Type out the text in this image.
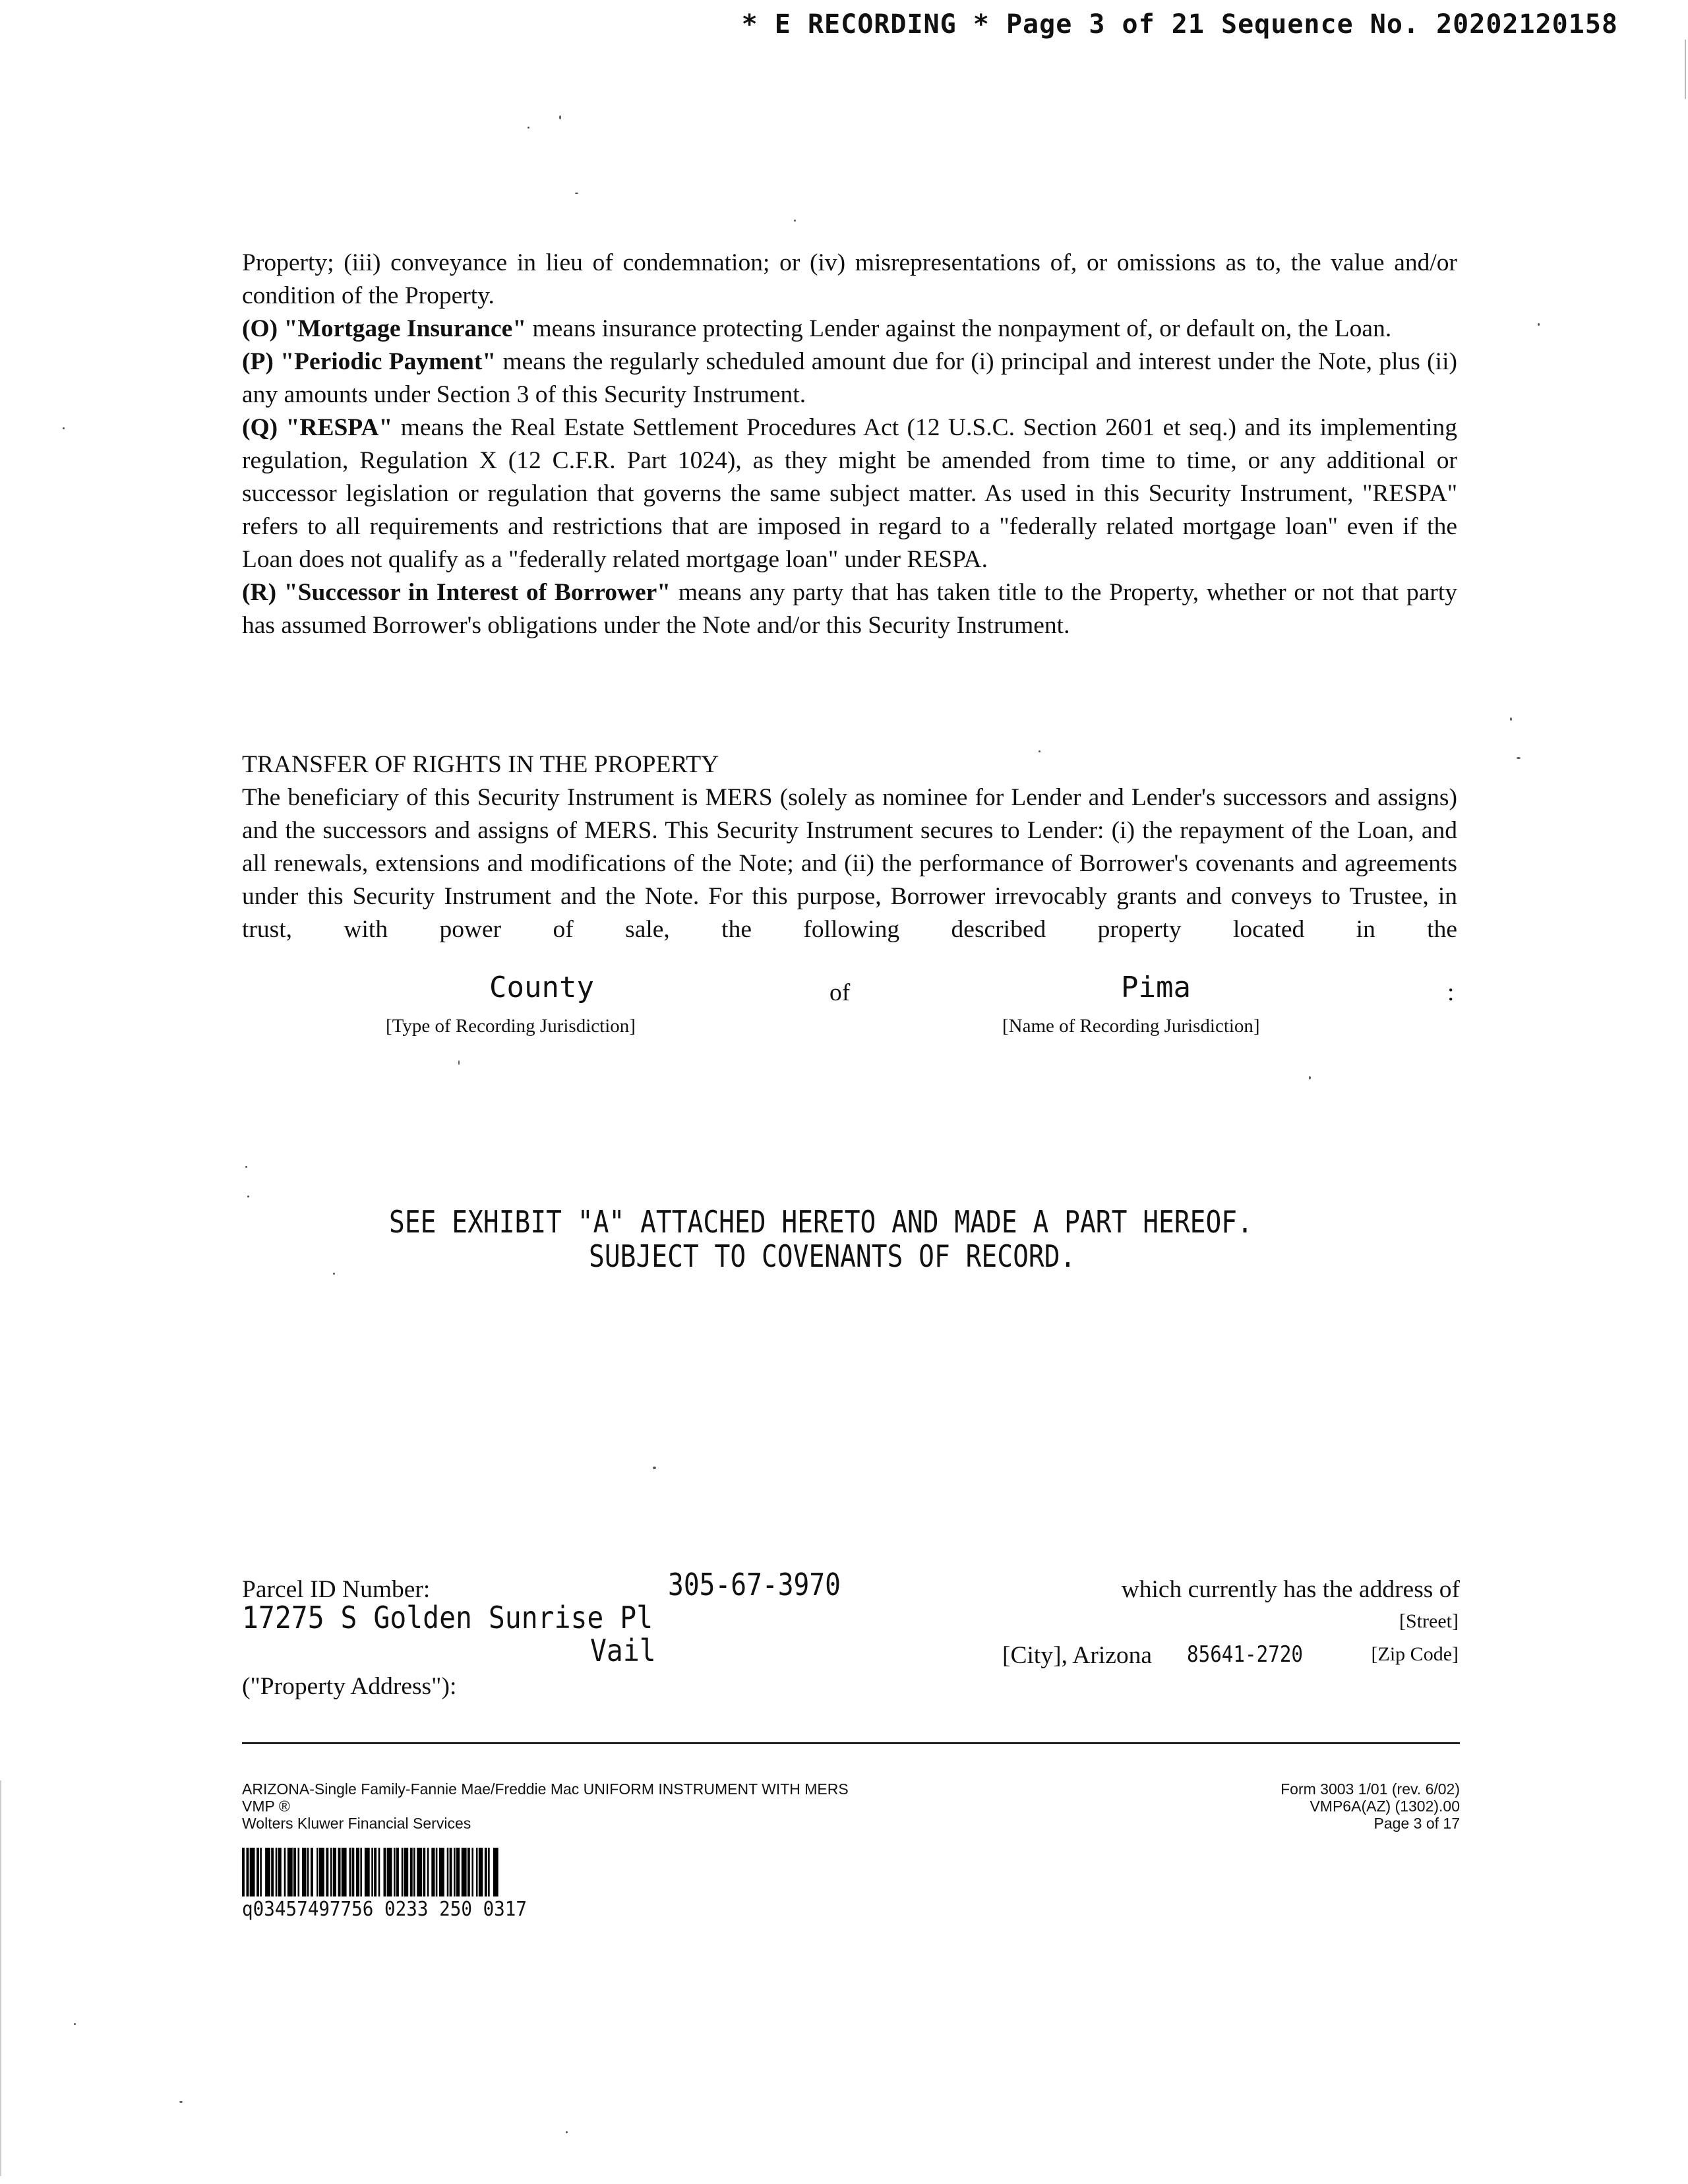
* E RECORDING * Page 3 of 21 Sequence No. 20202120158

Property; (iii) conveyance in lieu of condemnation; or (iv) misrepresentations of, or omissions as to, the value and/or condition of the Property.

(O) "Mortgage Insurance" means insurance protecting Lender against the nonpayment of, or default on, the Loan.

(P) "Periodic Payment" means the regularly scheduled amount due for (i) principal and interest under the Note, plus (ii) any amounts under Section 3 of this Security Instrument.

(Q) "RESPA" means the Real Estate Settlement Procedures Act (12 U.S.C. Section 2601 et seq.) and its implementing regulation, Regulation X (12 C.F.R. Part 1024), as they might be amended from time to time, or any additional or successor legislation or regulation that governs the same subject matter. As used in this Security Instrument, "RESPA" refers to all requirements and restrictions that are imposed in regard to a "federally related mortgage loan" even if the Loan does not qualify as a "federally related mortgage loan" under RESPA.

(R) "Successor in Interest of Borrower" means any party that has taken title to the Property, whether or not that party has assumed Borrower's obligations under the Note and/or this Security Instrument.

TRANSFER OF RIGHTS IN THE PROPERTY

The beneficiary of this Security Instrument is MERS (solely as nominee for Lender and Lender's successors and assigns) and the successors and assigns of MERS. This Security Instrument secures to Lender: (i) the repayment of the Loan, and all renewals, extensions and modifications of the Note; and (ii) the performance of Borrower's covenants and agreements under this Security Instrument and the Note. For this purpose, Borrower irrevocably grants and conveys to Trustee, in trust, with power of sale, the following described property located in the

County	of	Pima	:
[Type of Recording Jurisdiction]	[Name of Recording Jurisdiction]
SEE EXHIBIT "A" ATTACHED HERETO AND MADE A PART HEREOF.
SUBJECT TO COVENANTS OF RECORD.
Parcel ID Number:	305-67-3970	which currently has the address of
17275 S Golden Sunrise Pl	[Street]
Vail	[City], Arizona 85641-2720	[Zip Code]
("Property Address"):
ARIZONA-Single Family-Fannie Mae/Freddie Mac UNIFORM INSTRUMENT WITH MERS
VMP ®
Wolters Kluwer Financial Services
Form 3003 1/01 (rev. 6/02)
VMP6A(AZ) (1302).00
Page 3 of 17
q03457497756 0233 250 0317
